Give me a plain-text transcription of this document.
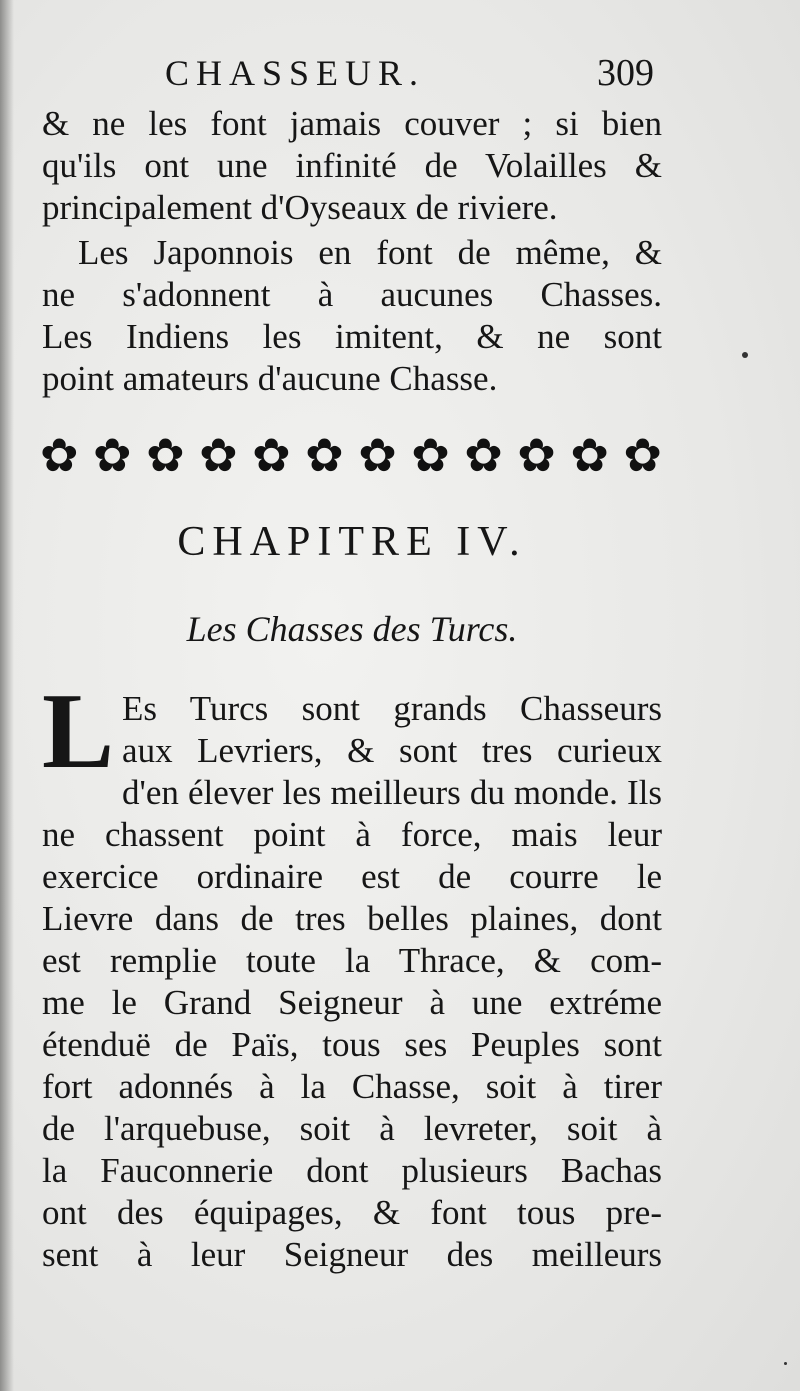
CHASSEUR.	309
& ne les font jamais couver ; si bien
qu'ils ont une infinité de Volailles &
principalement d'Oyseaux de riviere.
Les Japonnois en font de même, &
ne s'adonnent à aucunes Chasses.
Les Indiens les imitent, & ne sont
point amateurs d'aucune Chasse.
✿ ✿ ✿ ✿ ✿ ✿ ✿ ✿ ✿ ✿ ✿ ✿
CHAPITRE IV.
Les Chasses des Turcs.
L Es Turcs sont grands Chasseurs
aux Levriers, & sont tres curieux
d'en élever les meilleurs du monde. Ils
ne chassent point à force, mais leur
exercice ordinaire est de courre le
Lievre dans de tres belles plaines, dont
est remplie toute la Thrace, & com-
me le Grand Seigneur à une extréme
étenduë de Païs, tous ses Peuples sont
fort adonnés à la Chasse, soit à tirer
de l'arquebuse, soit à levreter, soit à
la Fauconnerie dont plusieurs Bachas
ont des équipages, & font tous pre-
sent à leur Seigneur des meilleurs
